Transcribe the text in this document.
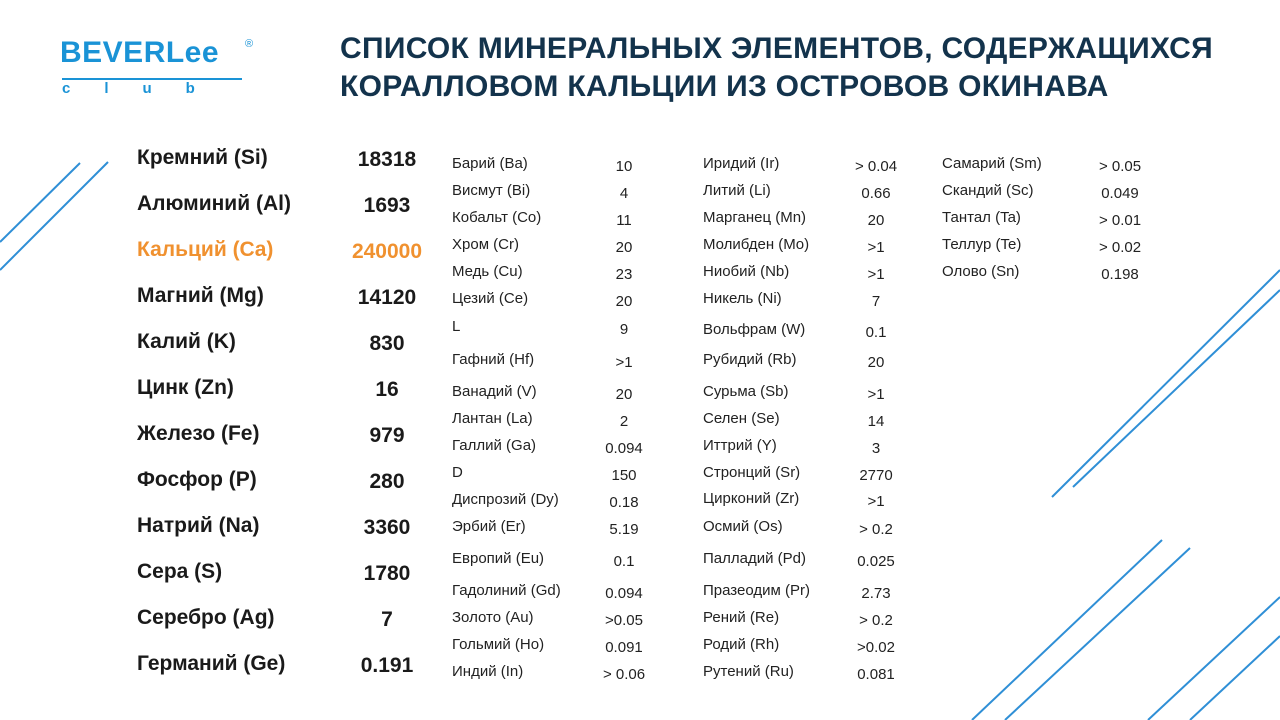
BEVERLee ®
club
СПИСОК МИНЕРАЛЬНЫХ ЭЛЕМЕНТОВ, СОДЕРЖАЩИХСЯ
КОРАЛЛОВОМ КАЛЬЦИИ ИЗ ОСТРОВОВ ОКИНАВА
Кремний (Si)	18318
Алюминий (Al)	1693
Кальций (Ca)	240000
Магний (Mg)	14120
Калий (K)	830
Цинк (Zn)	16
Железо (Fe)	979
Фосфор (P)	280
Натрий (Na)	3360
Сера (S)	1780
Серебро (Ag)	7
Германий (Ge)	0.191
Барий (Ba)	10
Висмут (Bi)	4
Кобальт (Co)	11
Хром (Cr)	20
Медь (Cu)	23
Цезий (Ce)	20
L	9
Гафний (Hf)	>1
Ванадий (V)	20
Лантан (La)	2
Галлий (Ga)	0.094
D	150
Диспрозий (Dy)	0.18
Эрбий (Er)	5.19
Европий (Eu)	0.1
Гадолиний (Gd)	0.094
Золото (Au)	>0.05
Гольмий (Ho)	0.091
Индий (In)	> 0.06
Иридий (Ir)	> 0.04
Литий (Li)	0.66
Марганец (Mn)	20
Молибден (Mo)	>1
Ниобий (Nb)	>1
Никель (Ni)	7
Вольфрам (W)	0.1
Рубидий (Rb)	20
Сурьма (Sb)	>1
Селен (Se)	14
Иттрий (Y)	3
Стронций (Sr)	2770
Цирконий (Zr)	>1
Осмий (Os)	> 0.2
Палладий (Pd)	0.025
Празеодим (Pr)	2.73
Рений (Re)	> 0.2
Родий (Rh)	>0.02
Рутений (Ru)	0.081
Самарий (Sm)	> 0.05
Скандий (Sc)	0.049
Тантал (Ta)	> 0.01
Теллур (Te)	> 0.02
Олово (Sn)	0.198
